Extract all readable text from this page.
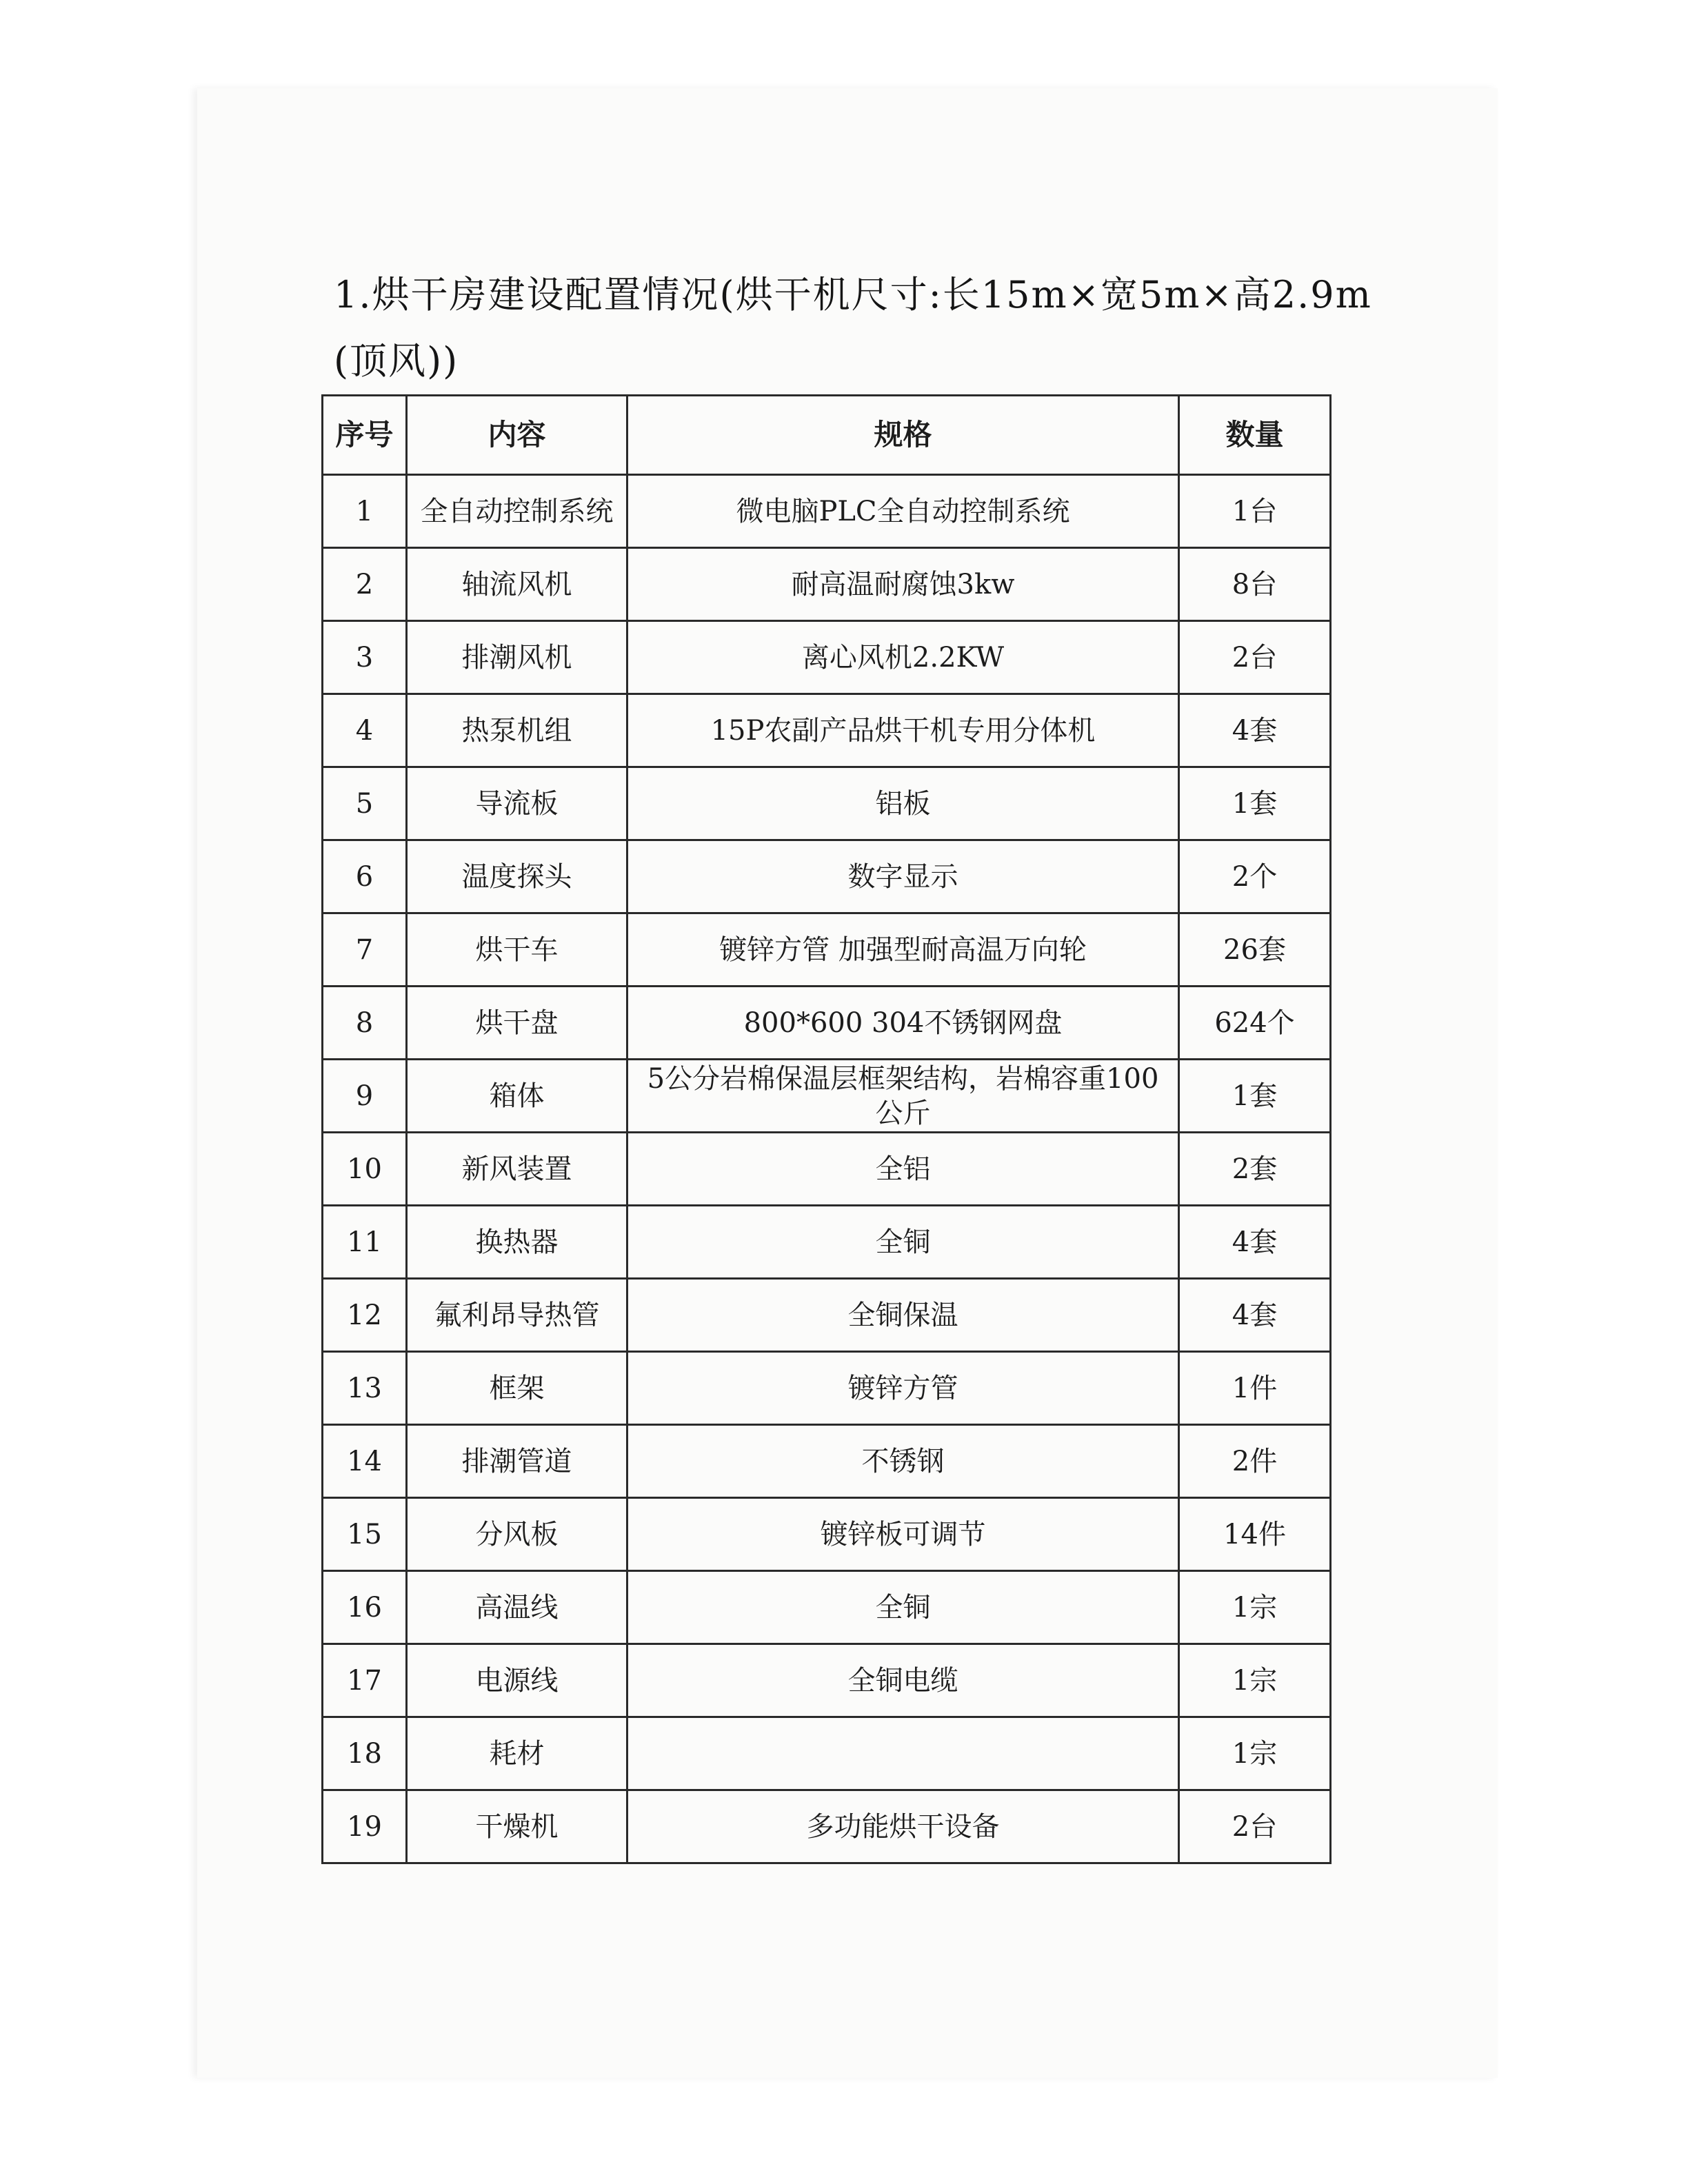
1.烘干房建设配置情况(烘干机尺寸:长15m×宽5m×高2.9m
(顶风))
序号	内容	规格	数量
1	全自动控制系统	微电脑PLC全自动控制系统	1台
2	轴流风机	耐高温耐腐蚀3kw	8台
3	排潮风机	离心风机2.2KW	2台
4	热泵机组	15P农副产品烘干机专用分体机	4套
5	导流板	铝板	1套
6	温度探头	数字显示	2个
7	烘干车	镀锌方管 加强型耐高温万向轮	26套
8	烘干盘	800*600 304不锈钢网盘	624个
9	箱体	5公分岩棉保温层框架结构，岩棉容重100公斤	1套
10	新风装置	全铝	2套
11	换热器	全铜	4套
12	氟利昂导热管	全铜保温	4套
13	框架	镀锌方管	1件
14	排潮管道	不锈钢	2件
15	分风板	镀锌板可调节	14件
16	高温线	全铜	1宗
17	电源线	全铜电缆	1宗
18	耗材		1宗
19	干燥机	多功能烘干设备	2台
